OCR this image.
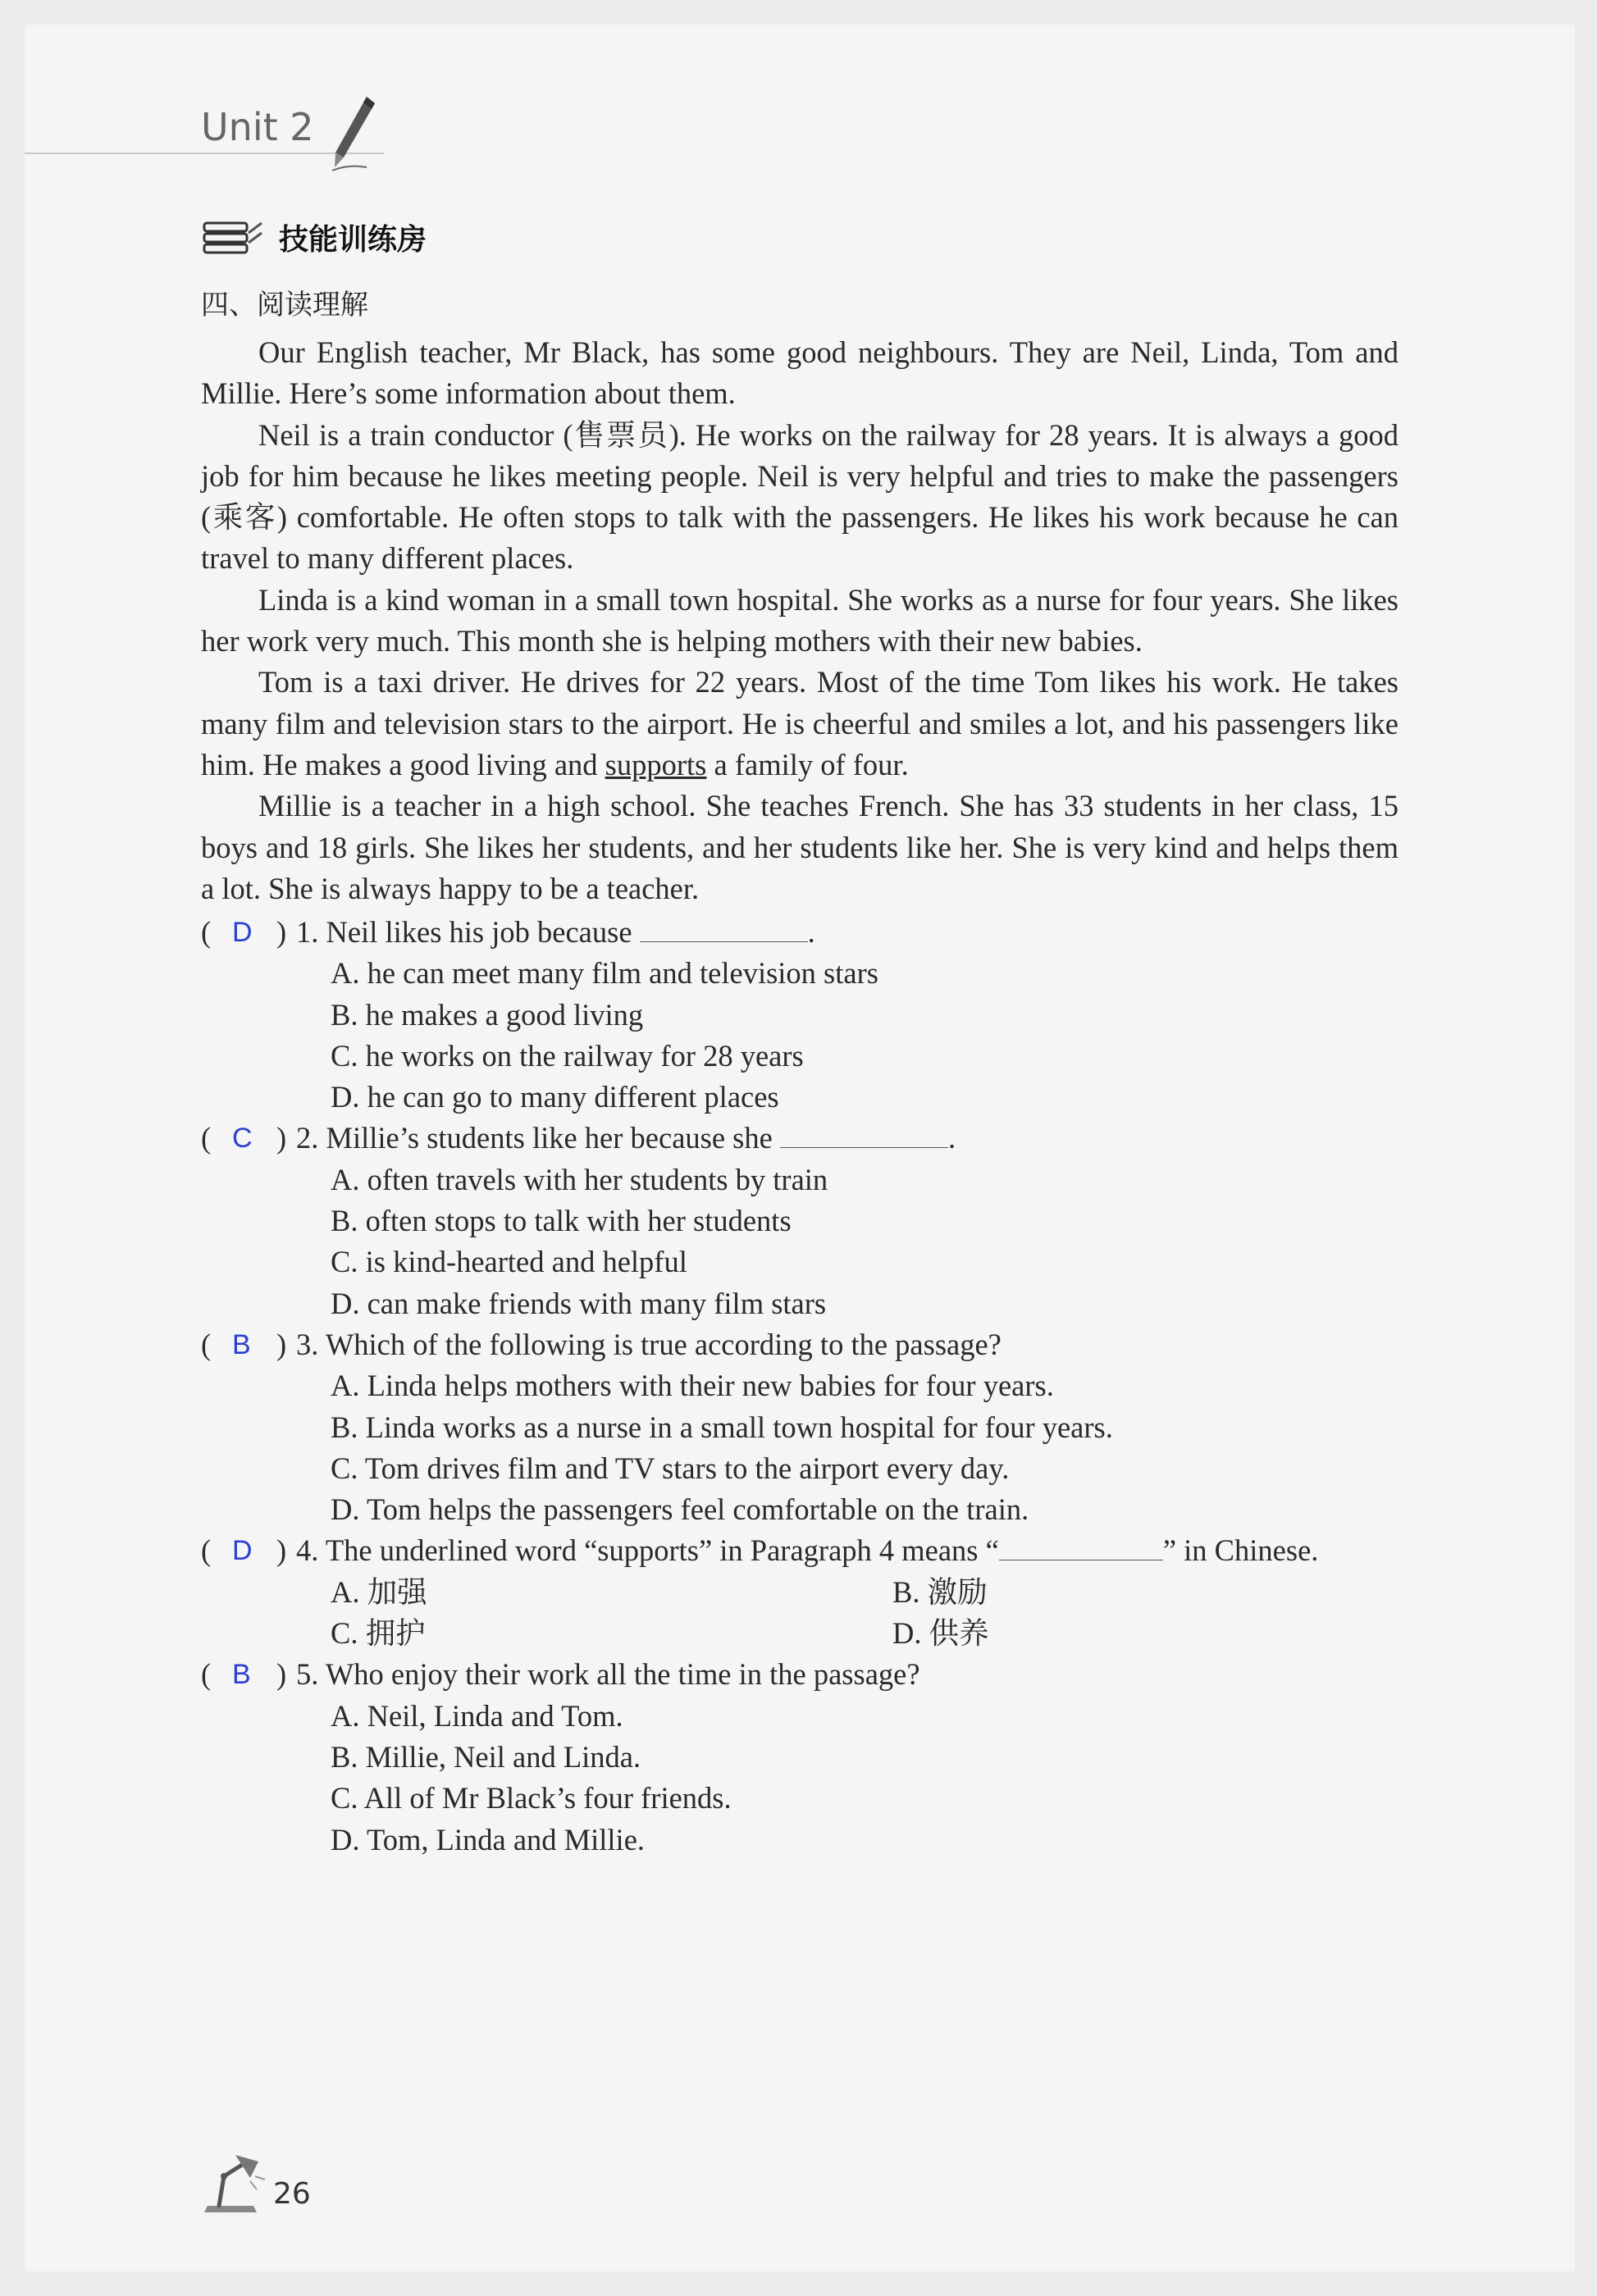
Unit 2
技能训练房
四、阅读理解

Our English teacher, Mr Black, has some good neighbours. They are Neil, Linda, Tom and Millie. Here’s some information about them.

Neil is a train conductor (售票员). He works on the railway for 28 years. It is always a good job for him because he likes meeting people. Neil is very helpful and tries to make the passengers (乘客) comfortable. He often stops to talk with the passengers. He likes his work because he can travel to many different places.

Linda is a kind woman in a small town hospital. She works as a nurse for four years. She likes her work very much. This month she is helping mothers with their new babies.

Tom is a taxi driver. He drives for 22 years. Most of the time Tom likes his work. He takes many film and television stars to the airport. He is cheerful and smiles a lot, and his passengers like him. He makes a good living and supports a family of four.

Millie is a teacher in a high school. She teaches French. She has 33 students in her class, 15 boys and 18 girls. She likes her students, and her students like her. She is very kind and helps them a lot. She is always happy to be a teacher.

( D ) 1. Neil likes his job because	.
A. he can meet many film and television stars
B. he makes a good living
C. he works on the railway for 28 years
D. he can go to many different places
( C ) 2. Millie’s students like her because she	.
A. often travels with her students by train
B. often stops to talk with her students
C. is kind-hearted and helpful
D. can make friends with many film stars
( B ) 3. Which of the following is true according to the passage?
A. Linda helps mothers with their new babies for four years.
B. Linda works as a nurse in a small town hospital for four years.
C. Tom drives film and TV stars to the airport every day.
D. Tom helps the passengers feel comfortable on the train.
( D ) 4. The underlined word “supports” in Paragraph 4 means “	” in Chinese.
A. 加强	B. 激励
C. 拥护	D. 供养
( B ) 5. Who enjoy their work all the time in the passage?
A. Neil, Linda and Tom.
B. Millie, Neil and Linda.
C. All of Mr Black’s four friends.
D. Tom, Linda and Millie.
26
